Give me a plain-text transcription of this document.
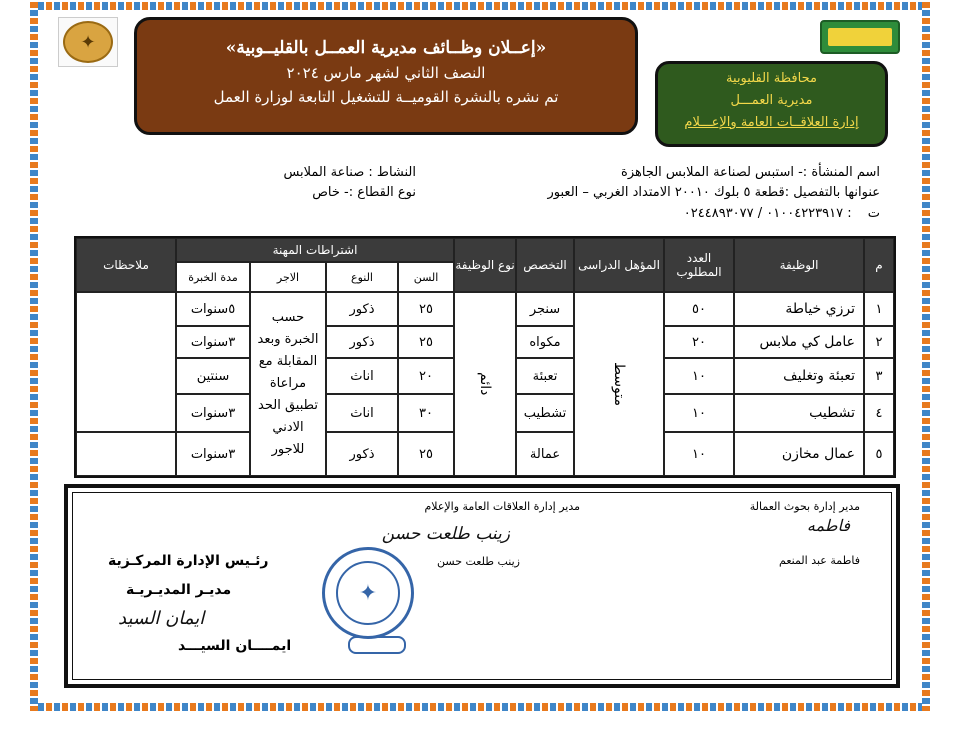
✦	«إعــلان وظــائف مديرية العمــل بالقليــوبية»
النصف الثاني لشهر مارس ٢٠٢٤
تم نشره بالنشرة القوميــة للتشغيل التابعة لوزارة العمل
محافظة القليوبية
مديرية العمـــل
إدارة العلاقــات العامة والإعـــلام
اسم المنشأة :- استبس لصناعة الملابس الجاهزة
عنوانها بالتفصيل :قطعة ٥ بلوك ٢٠٠١٠ الامتداد الغربي – العبور
ت : ٠١٠٠٤٢٢٣٩١٧ / ٠٢٤٤٨٩٣٠٧٧
النشاط : صناعة الملابس
نوع القطاع :- خاص
م
الوظيفة
العدد المطلوب
المؤهل الدراسى
التخصص
نوع الوظيفة
اشتراطات المهنة
السن
النوع
الاجر
مدة الخبرة
ملاحظات
١
ترزي خياطة
٥٠
سنجر
٢٥
ذكور
٥سنوات
٢
عامل كي ملابس
٢٠
مكواه
٢٥
ذكور
٣سنوات
٣
تعبئة وتغليف
١٠
تعبئة
٢٠
اناث
سنتين
٤
تشطيب
١٠
تشطيب
٣٠
اناث
٣سنوات
٥
عمال مخازن
١٠
عمالة
٢٥
ذكور
٣سنوات
متوسط
دائم
حسب الخبرة وبعد المقابلة مع مراعاة تطبيق الحد الادني للاجور
مدير إدارة بحوث العمالة
فاطمه
فاطمة عبد المنعم
مدير إدارة العلاقات العامة والإعلام
زينب طلعت حسن
زينب طلعت حسن
رئـيس الإدارة المركـزية
مديـر المديـريـة
ايمان السيد
ايمــــان السيـــد
✦
